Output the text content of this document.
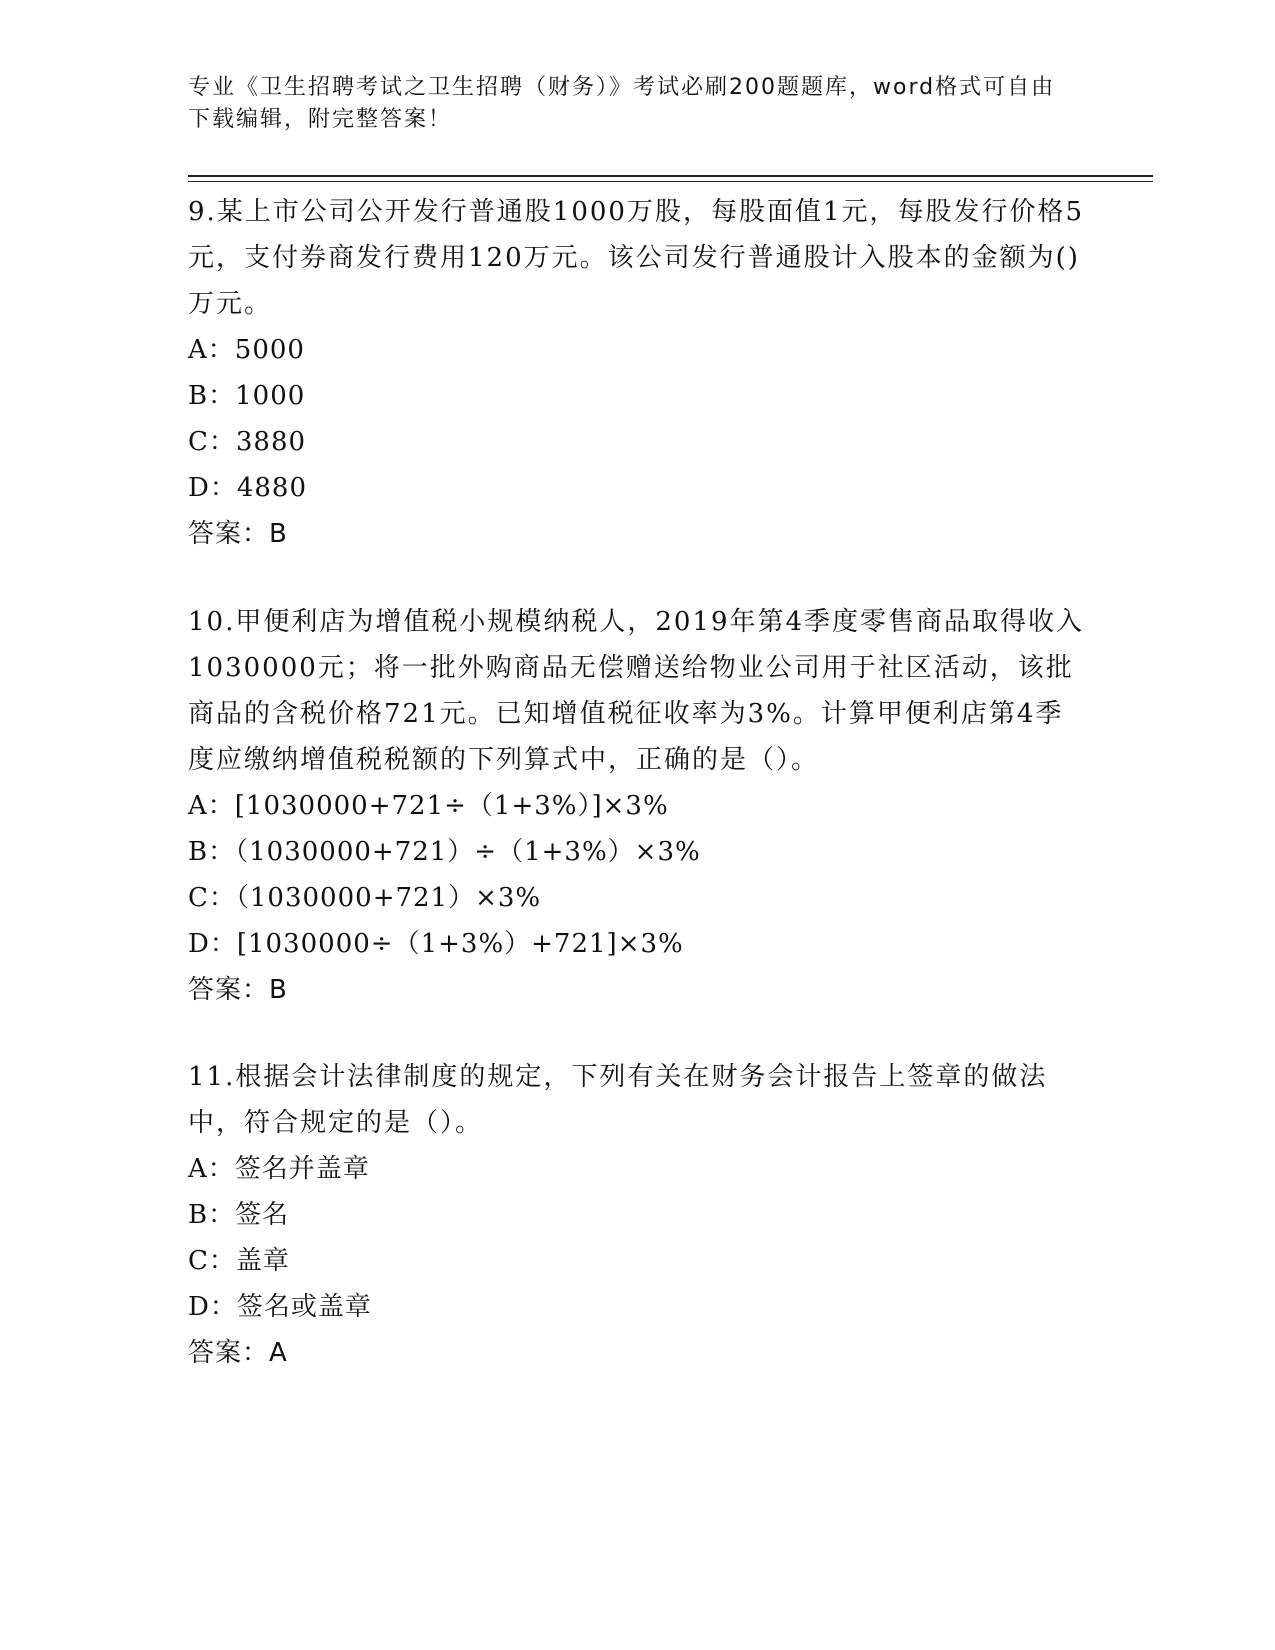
专业《卫生招聘考试之卫生招聘（财务）》考试必刷200题题库，word格式可自由下载编辑，附完整答案！

9.某上市公司公开发行普通股1000万股，每股面值1元，每股发行价格5元，支付券商发行费用120万元。该公司发行普通股计入股本的金额为()万元。

A：5000

B：1000

C：3880

D：4880

答案：B

10.甲便利店为增值税小规模纳税人，2019年第4季度零售商品取得收入1030000元；将一批外购商品无偿赠送给物业公司用于社区活动，该批商品的含税价格721元。已知增值税征收率为3%。计算甲便利店第4季度应缴纳增值税税额的下列算式中，正确的是（）。

A：[1030000+721÷（1+3%）]×3%

B：（1030000+721）÷（1+3%）×3%

C：（1030000+721）×3%

D：[1030000÷（1+3%）+721]×3%

答案：B

11.根据会计法律制度的规定，下列有关在财务会计报告上签章的做法中，符合规定的是（）。

A：签名并盖章

B：签名

C：盖章

D：签名或盖章

答案：A
